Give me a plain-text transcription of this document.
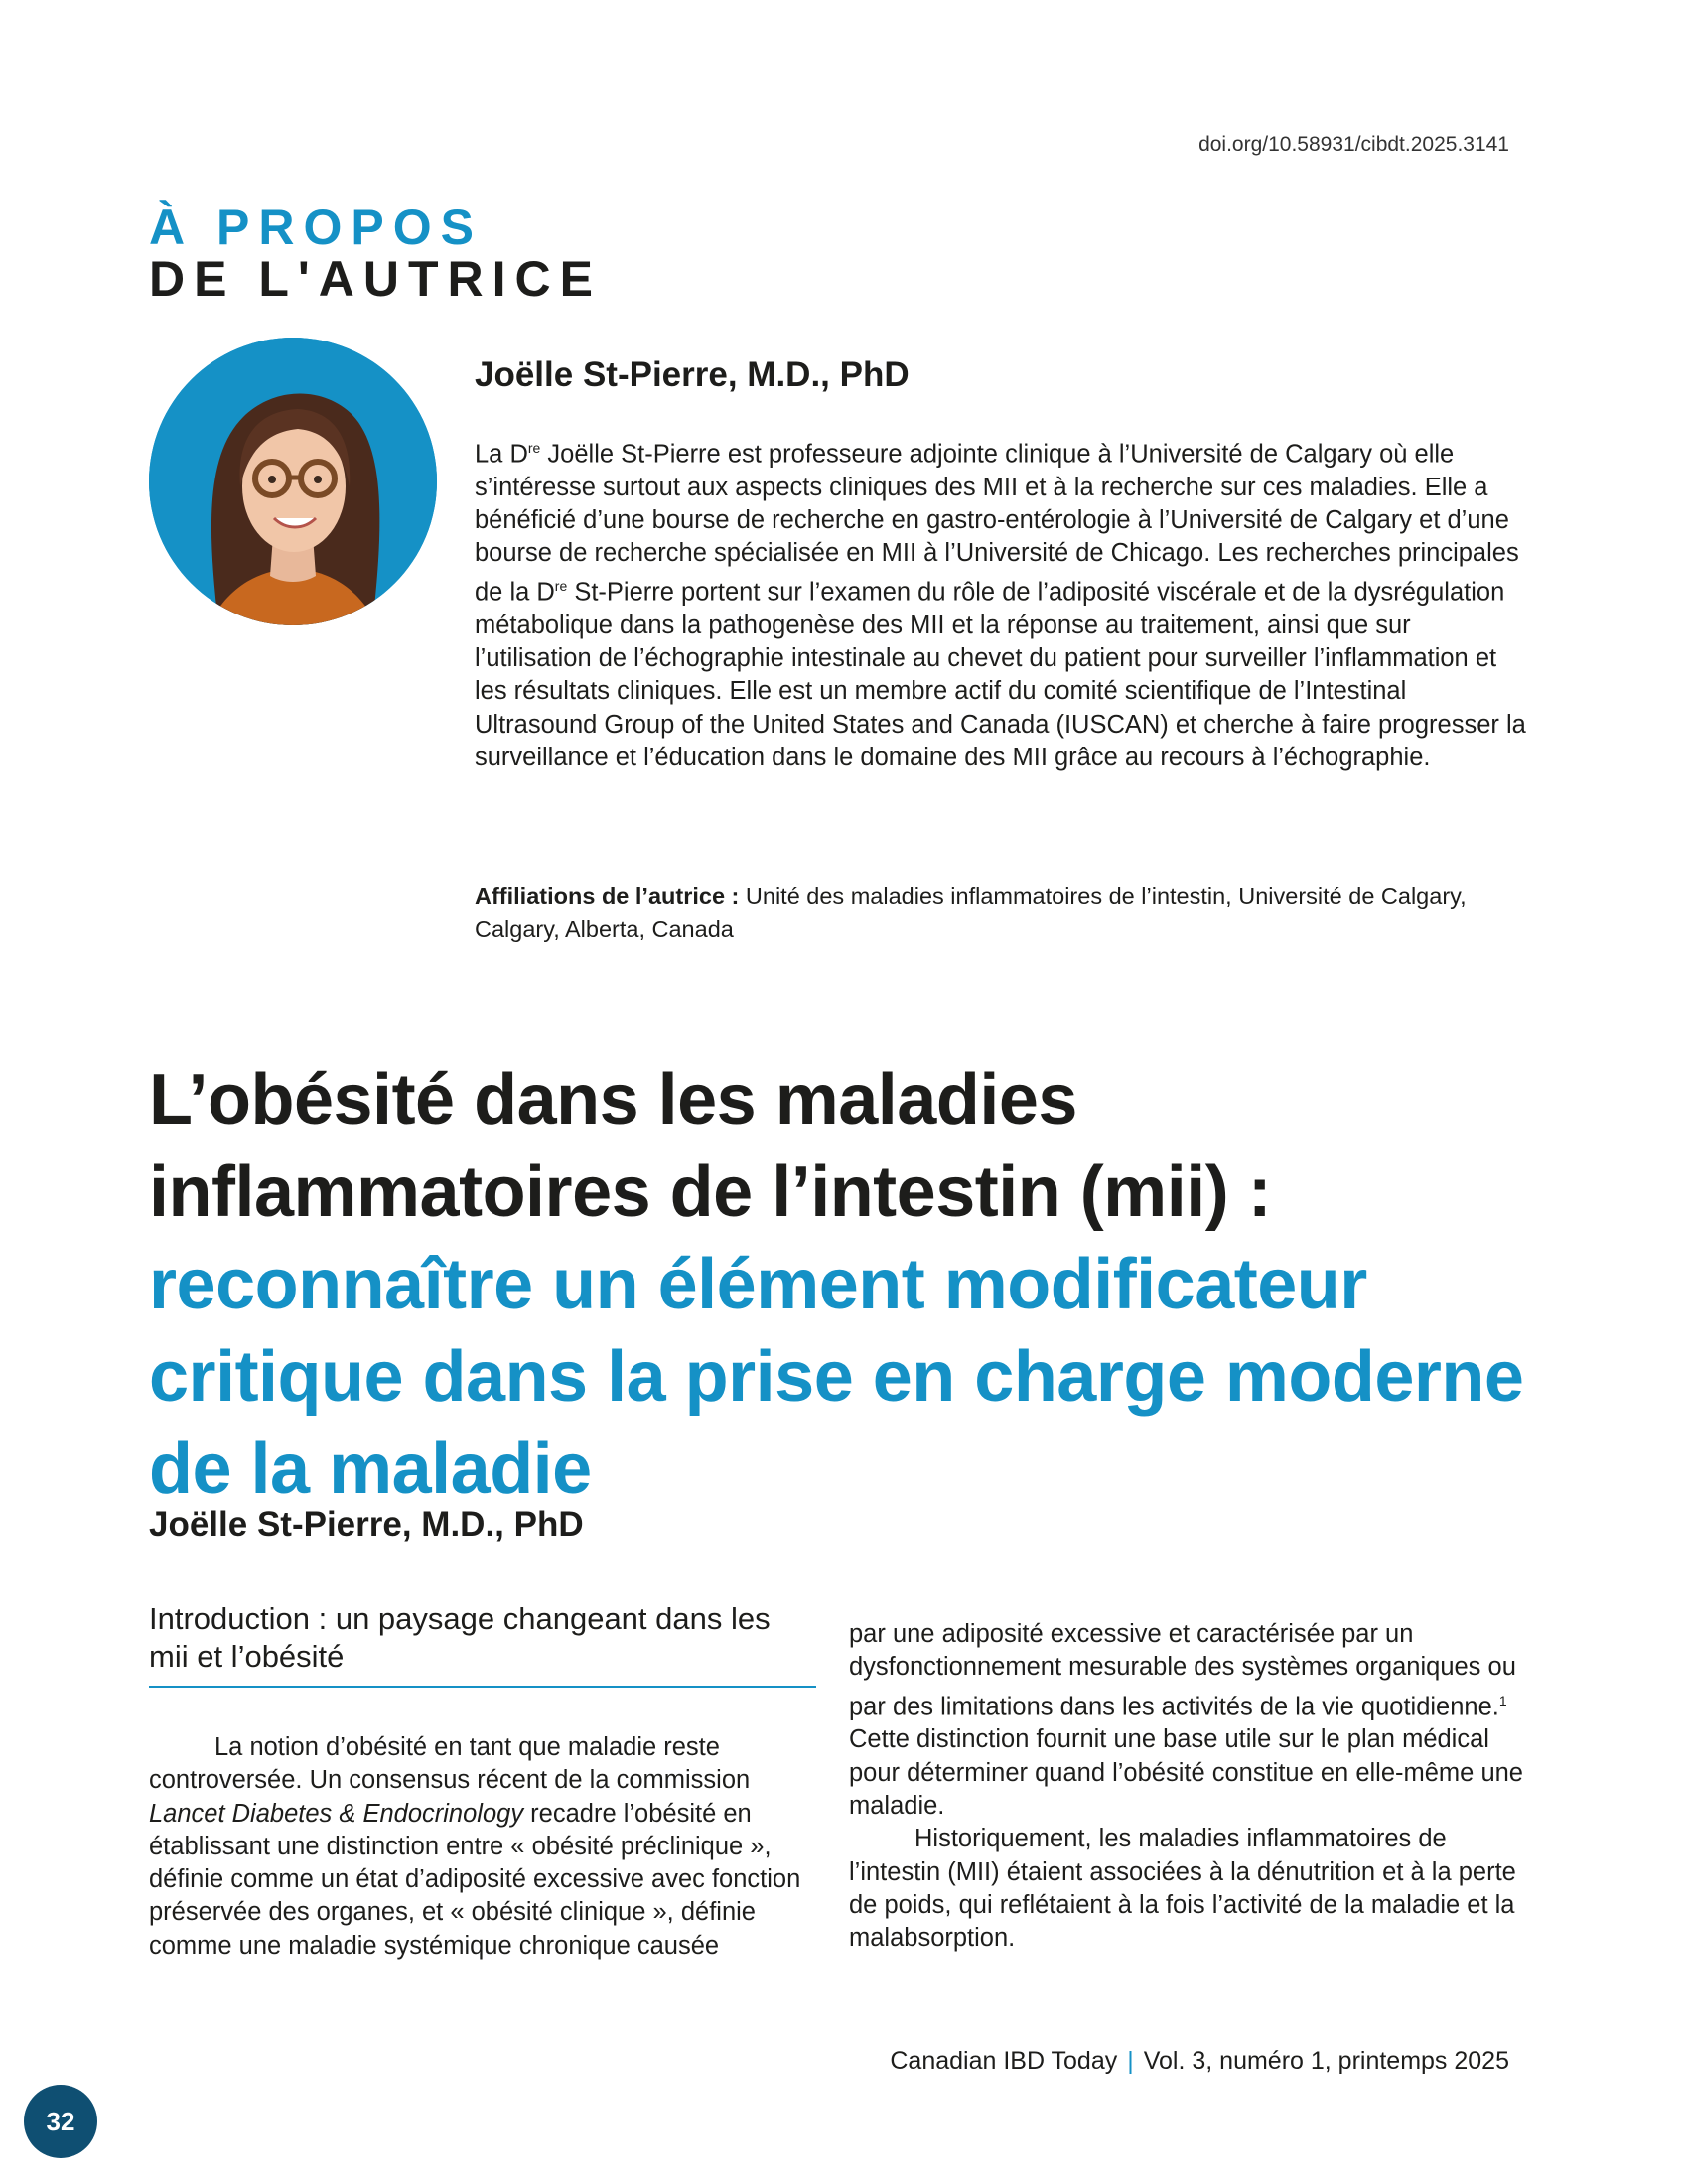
doi.org/10.58931/cibdt.2025.3141
À PROPOS
DE L'AUTRICE
Joëlle St-Pierre, M.D., PhD

La Dre Joëlle St-Pierre est professeure adjointe clinique à l’Université de Calgary où elle s’intéresse surtout aux aspects cliniques des MII et à la recherche sur ces maladies. Elle a bénéficié d’une bourse de recherche en gastro-entérologie à l’Université de Calgary et d’une bourse de recherche spécialisée en MII à l’Université de Chicago. Les recherches principales de la Dre St-Pierre portent sur l’examen du rôle de l’adiposité viscérale et de la dysrégulation métabolique dans la pathogenèse des MII et la réponse au traitement, ainsi que sur l’utilisation de l’échographie intestinale au chevet du patient pour surveiller l’inflammation et les résultats cliniques. Elle est un membre actif du comité scientifique de l’Intestinal Ultrasound Group of the United States and Canada (IUSCAN) et cherche à faire progresser la surveillance et l’éducation dans le domaine des MII grâce au recours à l’échographie.

Affiliations de l’autrice : Unité des maladies inflammatoires de l’intestin, Université de Calgary, Calgary, Alberta, Canada

L’obésité dans les maladies inflammatoires de l’intestin (mii) :
reconnaître un élément modificateur critique dans la prise en charge moderne de la maladie
Joëlle St-Pierre, M.D., PhD
Introduction : un paysage changeant dans les mii et l’obésité

La notion d’obésité en tant que maladie reste controversée. Un consensus récent de la commission Lancet Diabetes & Endocrinology recadre l’obésité en établissant une distinction entre « obésité préclinique », définie comme un état d’adiposité excessive avec fonction préservée des organes, et « obésité clinique », définie comme une maladie systémique chronique causée

par une adiposité excessive et caractérisée par un dysfonctionnement mesurable des systèmes organiques ou par des limitations dans les activités de la vie quotidienne.$^1$ Cette distinction fournit une base utile sur le plan médical pour déterminer quand l’obésité constitue en elle-même une maladie.

Historiquement, les maladies inflammatoires de l’intestin (MII) étaient associées à la dénutrition et à la perte de poids, qui reflétaient à la fois l’activité de la maladie et la malabsorption.

Canadian IBD Today | Vol. 3, numéro 1, printemps 2025
32
